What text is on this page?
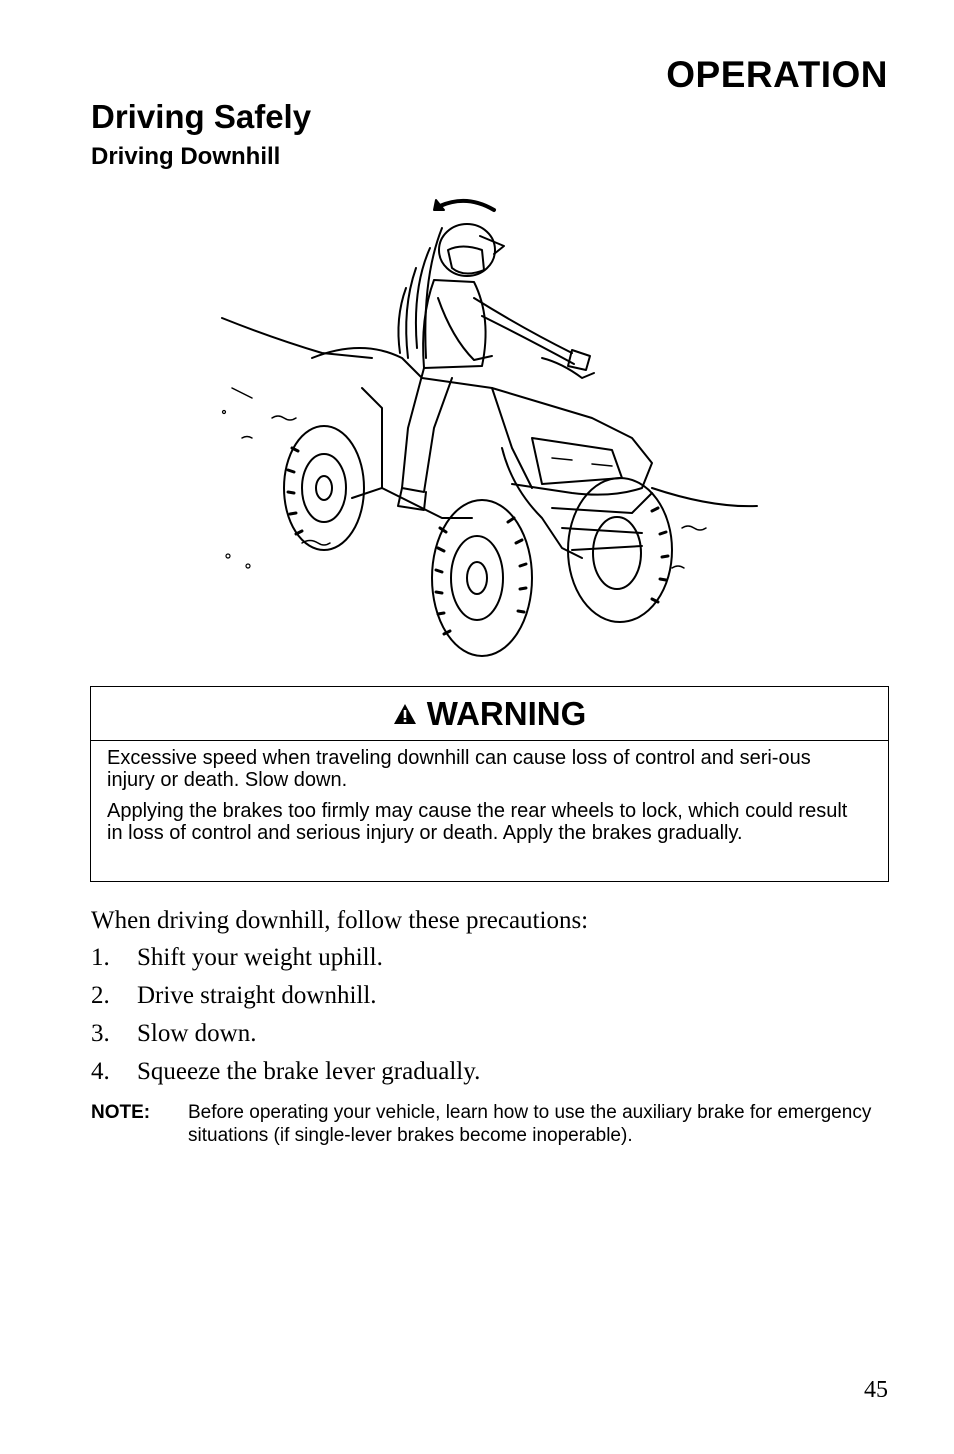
OPERATION
Driving Safely
Driving Downhill
WARNING

Excessive speed when traveling downhill can cause loss of control and seri-ous injury or death. Slow down.

Applying the brakes too firmly may cause the rear wheels to lock, which could result in loss of control and serious injury or death. Apply the brakes gradually.

When driving downhill, follow these precautions:
1.	Shift your weight uphill.
2.	Drive straight downhill.
3.	Slow down.
4.	Squeeze the brake lever gradually.
NOTE:	Before operating your vehicle, learn how to use the auxiliary brake for emergency situations (if single-lever brakes become inoperable).
45
